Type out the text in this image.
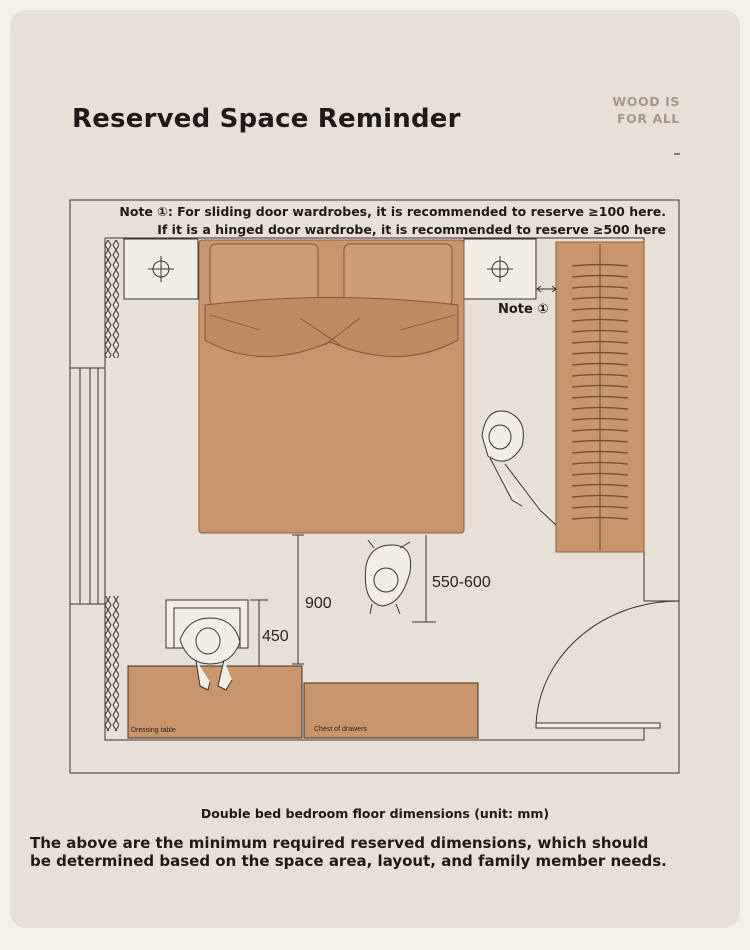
Reserved Space Reminder
WOOD IS
FOR ALL
Dressing table	Chest of drawers
900
450
550-600
Note ①: For sliding door wardrobes, it is recommended to reserve ≥100 here.
If it is a hinged door wardrobe, it is recommended to reserve ≥500 here
Note ①
Double bed bedroom floor dimensions (unit: mm)
The above are the minimum required reserved dimensions, which should be determined based on the space area, layout, and family member needs.
